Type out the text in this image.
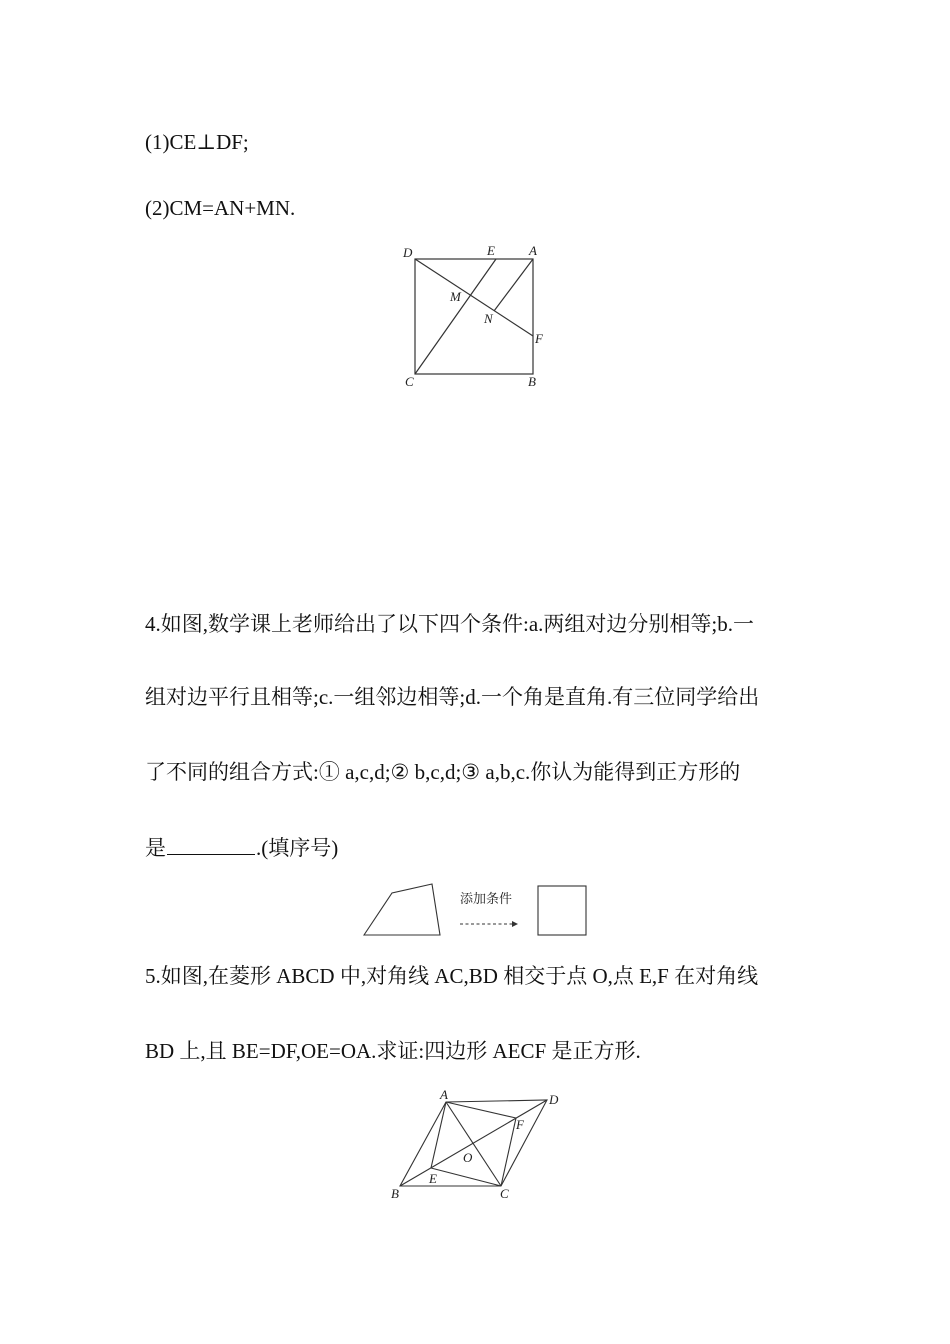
(1)CE⊥DF;
(2)CM=AN+MN.
D	E	A
M
N
F
C	B
4.如图,数学课上老师给出了以下四个条件:a.两组对边分别相等;b.一
组对边平行且相等;c.一组邻边相等;d.一个角是直角.有三位同学给出
了不同的组合方式:① a,c,d;② b,c,d;③ a,b,c.你认为能得到正方形的
是	.(填序号)
添加条件
5.如图,在菱形 ABCD 中,对角线 AC,BD 相交于点 O,点 E,F 在对角线
BD 上,且 BE=DF,OE=OA.求证:四边形 AECF 是正方形.
A	D
F
O
E
B	C
